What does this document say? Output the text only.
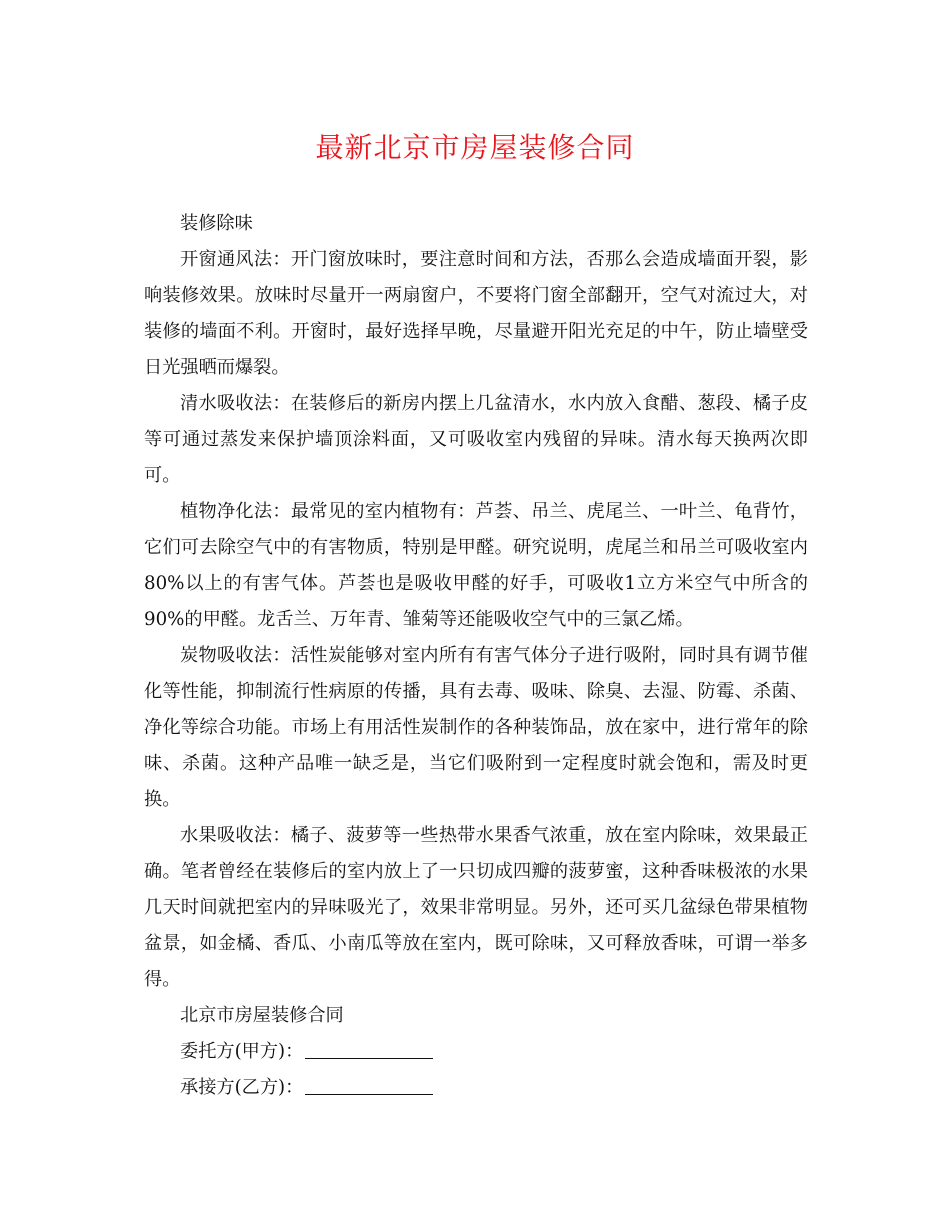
最新北京市房屋装修合同

装修除味

开窗通风法：开门窗放味时，要注意时间和方法，否那么会造成墙面开裂，影响装修效果。放味时尽量开一两扇窗户，不要将门窗全部翻开，空气对流过大，对装修的墙面不利。开窗时，最好选择早晚，尽量避开阳光充足的中午，防止墙壁受日光强晒而爆裂。

清水吸收法：在装修后的新房内摆上几盆清水，水内放入食醋、葱段、橘子皮等可通过蒸发来保护墙顶涂料面，又可吸收室内残留的异味。清水每天换两次即可。

植物净化法：最常见的室内植物有：芦荟、吊兰、虎尾兰、一叶兰、龟背竹，它们可去除空气中的有害物质，特别是甲醛。研究说明，虎尾兰和吊兰可吸收室内80%以上的有害气体。芦荟也是吸收甲醛的好手，可吸收1立方米空气中所含的90%的甲醛。龙舌兰、万年青、雏菊等还能吸收空气中的三氯乙烯。

炭物吸收法：活性炭能够对室内所有有害气体分子进行吸附，同时具有调节催化等性能，抑制流行性病原的传播，具有去毒、吸味、除臭、去湿、防霉、杀菌、净化等综合功能。市场上有用活性炭制作的各种装饰品，放在家中，进行常年的除味、杀菌。这种产品唯一缺乏是，当它们吸附到一定程度时就会饱和，需及时更换。

水果吸收法：橘子、菠萝等一些热带水果香气浓重，放在室内除味，效果最正确。笔者曾经在装修后的室内放上了一只切成四瓣的菠萝蜜，这种香味极浓的水果几天时间就把室内的异味吸光了，效果非常明显。另外，还可买几盆绿色带果植物盆景，如金橘、香瓜、小南瓜等放在室内，既可除味，又可释放香味，可谓一举多得。

北京市房屋装修合同

委托方(甲方)：

承接方(乙方)：
